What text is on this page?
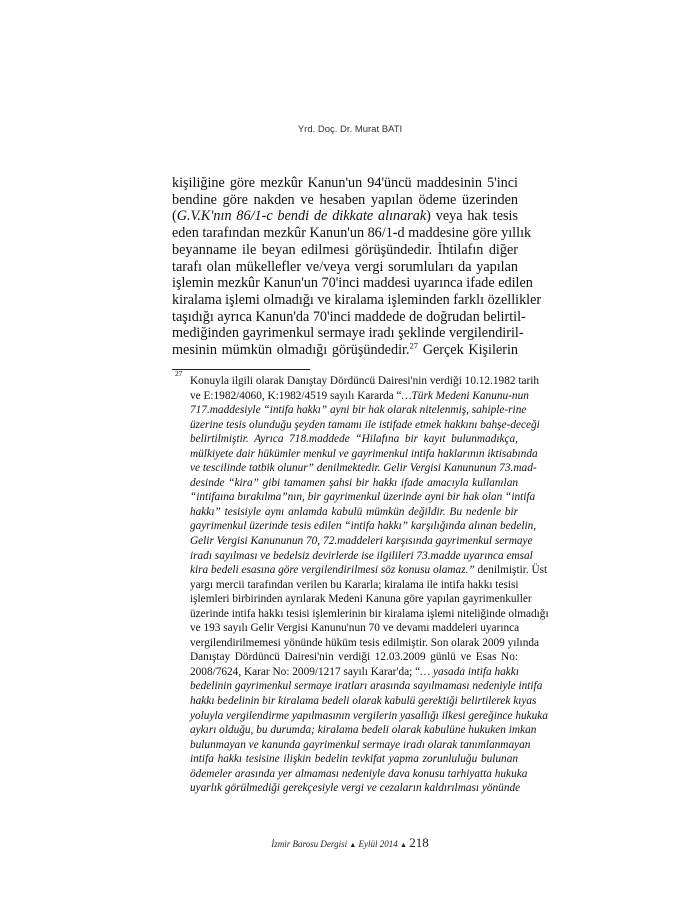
Yrd. Doç. Dr. Murat BATI
kişiliğine göre mezkûr Kanun'un 94'üncü maddesinin 5'inci
bendine göre nakden ve hesaben yapılan ödeme üzerinden
(G.V.K'nın 86/1-c bendi de dikkate alınarak) veya hak tesis
eden tarafından mezkûr Kanun'un 86/1-d maddesine göre yıllık
beyanname ile beyan edilmesi görüşündedir. İhtilafın diğer
tarafı olan mükellefler ve/veya vergi sorumluları da yapılan
işlemin mezkûr Kanun'un 70'inci maddesi uyarınca ifade edilen
kiralama işlemi olmadığı ve kiralama işleminden farklı özellikler
taşıdığı ayrıca Kanun'da 70'inci maddede de doğrudan belirtil-
mediğinden gayrimenkul sermaye iradı şeklinde vergilendiril-
mesinin mümkün olmadığı görüşündedir.$^{27}$ Gerçek Kişilerin
27
Konuyla ilgili olarak Danıştay Dördüncü Dairesi'nin verdiği 10.12.1982 tarih
ve E:1982/4060, K:1982/4519 sayılı Kararda “…Türk Medeni Kanunu-nun
717.maddesiyle “intifa hakkı” ayni bir hak olarak nitelenmiş, sahiple-rine
üzerine tesis olunduğu şeyden tamamı ile istifade etmek hakkını bahşe-deceği
belirtilmiştir. Ayrıca 718.maddede “Hilafına bir kayıt bulunmadıkça,
mülkiyete dair hükümler menkul ve gayrimenkul intifa haklarının iktisabında
ve tescilinde tatbik olunur” denilmektedir. Gelir Vergisi Kanununun 73.mad-
desinde “kira” gibi tamamen şahsi bir hakkı ifade amacıyla kullanılan
“intifaına bırakılma”nın, bir gayrimenkul üzerinde ayni bir hak olan “intifa
hakkı” tesisiyle aynı anlamda kabulü mümkün değildir. Bu nedenle bir
gayrimenkul üzerinde tesis edilen “intifa hakkı” karşılığında alınan bedelin,
Gelir Vergisi Kanununun 70, 72.maddeleri karşısında gayrimenkul sermaye
iradı sayılması ve bedelsiz devirlerde ise ilgilileri 73.madde uyarınca emsal
kira bedeli esasına göre vergilendirilmesi söz konusu olamaz.” denilmiştir. Üst
yargı mercii tarafından verilen bu Kararla; kiralama ile intifa hakkı tesisi
işlemleri birbirinden ayrılarak Medeni Kanuna göre yapılan gayrimenkuller
üzerinde intifa hakkı tesisi işlemlerinin bir kiralama işlemi niteliğinde olmadığı
ve 193 sayılı Gelir Vergisi Kanunu'nun 70 ve devamı maddeleri uyarınca
vergilendirilmemesi yönünde hüküm tesis edilmiştir. Son olarak 2009 yılında
Danıştay Dördüncü Dairesi'nin verdiği 12.03.2009 günlü ve Esas No:
2008/7624, Karar No: 2009/1217 sayılı Karar'da; “… yasada intifa hakkı
bedelinin gayrimenkul sermaye iratları arasında sayılmaması nedeniyle intifa
hakkı bedelinin bir kiralama bedeli olarak kabulü gerektiği belirtilerek kıyas
yoluyla vergilendirme yapılmasının vergilerin yasallığı ilkesi gereğince hukuka
aykırı olduğu, bu durumda; kiralama bedeli olarak kabulüne hukuken imkan
bulunmayan ve kanunda gayrimenkul sermaye iradı olarak tanımlanmayan
intifa hakkı tesisine ilişkin bedelin tevkifat yapma zorunluluğu bulunan
ödemeler arasında yer almaması nedeniyle dava konusu tarhiyatta hukuka
uyarlık görülmediği gerekçesiyle vergi ve cezaların kaldırılması yönünde
İzmir Barosu Dergisi ▲ Eylül 2014 ▲ 218
